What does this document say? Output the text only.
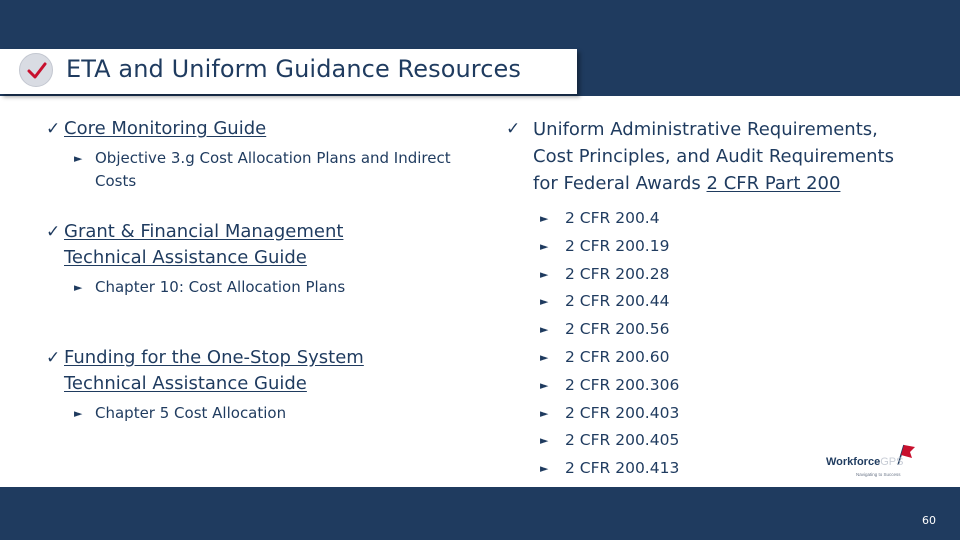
ETA and Uniform Guidance Resources
✓ Core Monitoring Guide
► Objective 3.g Cost Allocation Plans and Indirect Costs
✓ Grant & Financial Management
Technical Assistance Guide
► Chapter 10: Cost Allocation Plans
✓ Funding for the One-Stop System
Technical Assistance Guide
► Chapter 5 Cost Allocation
✓ Uniform Administrative Requirements,
Cost Principles, and Audit Requirements
for Federal Awards 2 CFR Part 200
► 2 CFR 200.4
► 2 CFR 200.19
► 2 CFR 200.28
► 2 CFR 200.44
► 2 CFR 200.56
► 2 CFR 200.60
► 2 CFR 200.306
► 2 CFR 200.403
► 2 CFR 200.405
► 2 CFR 200.413	WorkforceGPS
Navigating to Success
60
